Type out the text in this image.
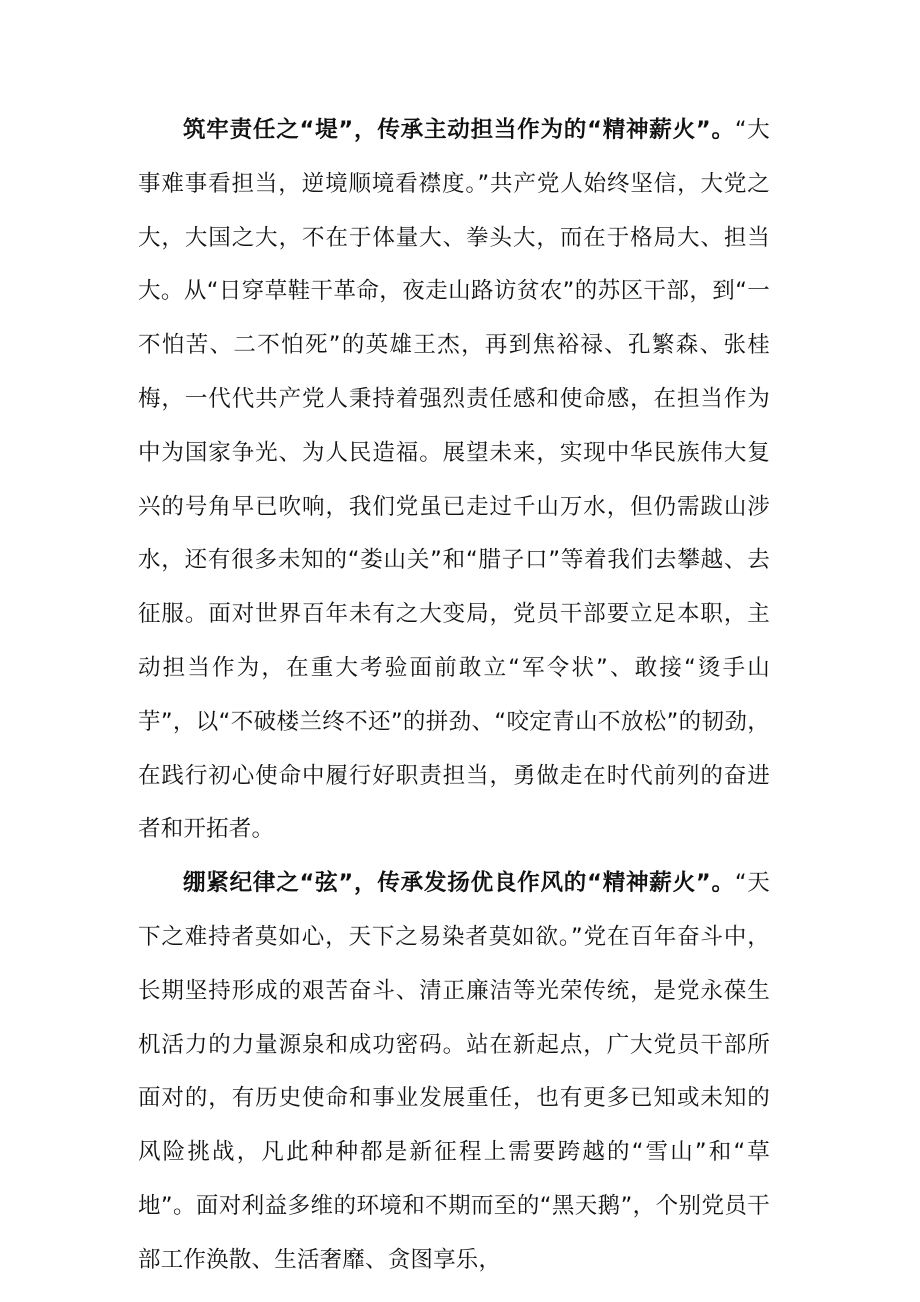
筑牢责任之“堤”，传承主动担当作为的“精神薪火”。“大事难事看担当，逆境顺境看襟度。”共产党人始终坚信，大党之大，大国之大，不在于体量大、拳头大，而在于格局大、担当大。从“日穿草鞋干革命，夜走山路访贫农”的苏区干部，到“一不怕苦、二不怕死”的英雄王杰，再到焦裕禄、孔繁森、张桂梅，一代代共产党人秉持着强烈责任感和使命感，在担当作为中为国家争光、为人民造福。展望未来，实现中华民族伟大复兴的号角早已吹响，我们党虽已走过千山万水，但仍需跋山涉水，还有很多未知的“娄山关”和“腊子口”等着我们去攀越、去征服。面对世界百年未有之大变局，党员干部要立足本职，主动担当作为，在重大考验面前敢立“军令状”、敢接“烫手山芋”，以“不破楼兰终不还”的拼劲、“咬定青山不放松”的韧劲，在践行初心使命中履行好职责担当，勇做走在时代前列的奋进者和开拓者。

绷紧纪律之“弦”，传承发扬优良作风的“精神薪火”。“天下之难持者莫如心，天下之易染者莫如欲。”党在百年奋斗中，长期坚持形成的艰苦奋斗、清正廉洁等光荣传统，是党永葆生机活力的力量源泉和成功密码。站在新起点，广大党员干部所面对的，有历史使命和事业发展重任，也有更多已知或未知的风险挑战，凡此种种都是新征程上需要跨越的“雪山”和“草地”。面对利益多维的环境和不期而至的“黑天鹅”，个别党员干部工作涣散、生活奢靡、贪图享乐，
